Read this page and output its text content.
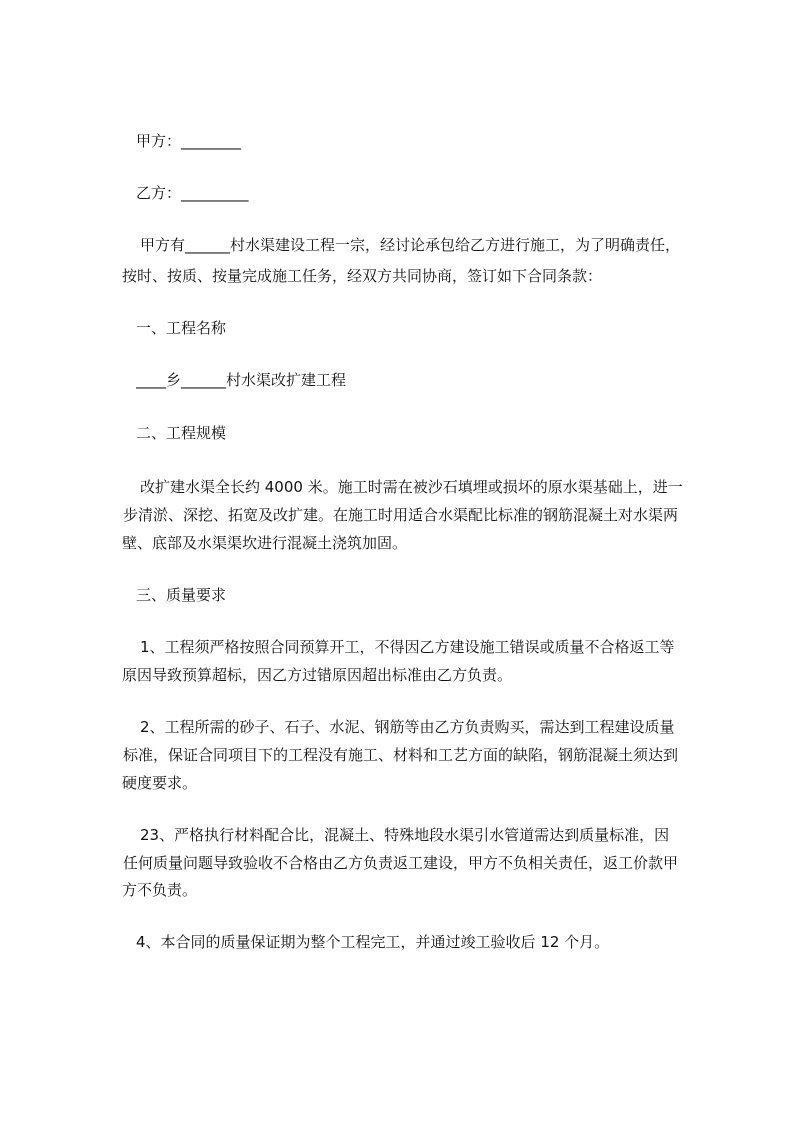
甲方：________
乙方：_________
甲方有______村水渠建设工程一宗，经讨论承包给乙方进行施工，为了明确责任，
按时、按质、按量完成施工任务，经双方共同协商，签订如下合同条款：
一、工程名称
____乡______村水渠改扩建工程
二、工程规模
改扩建水渠全长约 4000 米。施工时需在被沙石填埋或损坏的原水渠基础上，进一
步清淤、深挖、拓宽及改扩建。在施工时用适合水渠配比标准的钢筋混凝土对水渠两
壁、底部及水渠渠坎进行混凝土浇筑加固。
三、质量要求
1、工程须严格按照合同预算开工，不得因乙方建设施工错误或质量不合格返工等
原因导致预算超标，因乙方过错原因超出标准由乙方负责。
2、工程所需的砂子、石子、水泥、钢筋等由乙方负责购买，需达到工程建设质量
标准，保证合同项目下的工程没有施工、材料和工艺方面的缺陷，钢筋混凝土须达到
硬度要求。
23、严格执行材料配合比，混凝土、特殊地段水渠引水管道需达到质量标准，因
任何质量问题导致验收不合格由乙方负责返工建设，甲方不负相关责任，返工价款甲
方不负责。
4、本合同的质量保证期为整个工程完工，并通过竣工验收后 12 个月。
